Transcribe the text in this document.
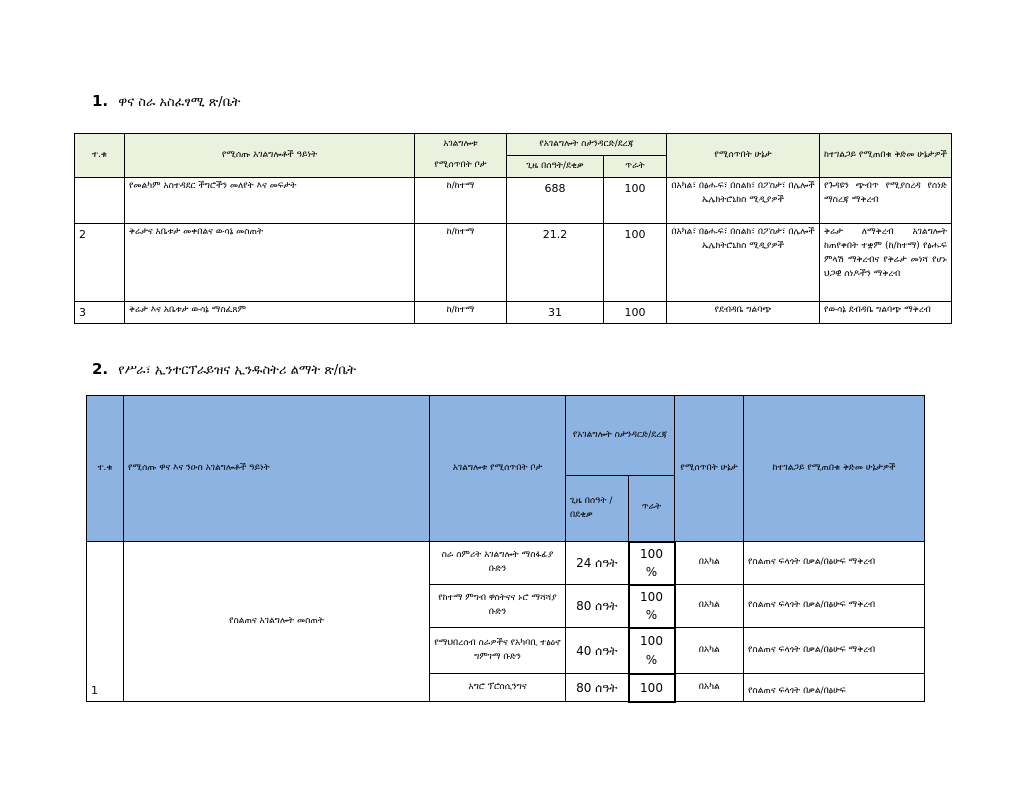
1. ዋና ስራ አስፈፃሚ ጽ/ቤት
ተ.ቁ	የሚሰጡ አገልግሎቶች ዓይነት	አገልግሎቱ	የአገልግሎት ስታንዳርድ/ደረጃ		የሚሰጥበት ሁኔታ	ከተገልጋይ የሚጠበቁ ቅድመ ሁኔታዎች
		የሚሰጥበት ቦታ	ጊዜ በሰዓት/ደቂቃ	ጥራት		
	የመልካም አስተዳደር ችግሮችን መለየት እና መፍታት	ከ/ከተማ	688	100	በአካል፣ በፅሑፍ፣ በስልክ፣ በፖስታ፣ በሌሎች ኤሌክትሮኒክስ ሚዲያዎች	የጉዳዩን ጭብጥ የሚያስረዳ የሰነድ ማስረጃ ማቅረብ
2	ቅሬታና አቤቱታ መቀበልና ውሳኔ መስጠት	ከ/ከተማ	21.2	100	በአካል፣ በፅሑፍ፣ በስልክ፣ በፖስታ፣ በሌሎች ኤሌክትሮኒክስ ሚዲያዎች	ቅሬታ ለማቅረብ አገልግሎት ከጠየቀበት ተቋም (ከ/ከተማ) የፅሑፍ ምላሽ ማቅረብና የቅሬታ መነሻ የሆኑ ህጋዊ ሰነዶችን ማቅረብ
3	ቅሬታ እና አቤቱታ ውሳኔ ማስፈጸም	ከ/ከተማ	31	100	የደብዳቤ ግልባጭ	የውሳኔ ደብዳቤ ግልባጭ ማቅረብ
2. የሥራ፣ ኢንተርፕራይዝና ኢንዱስትሪ ልማት ጽ/ቤት
ተ.ቁ	የሚሰጡ ዋና እና ንዑስ አገልግሎቶች ዓይነት	አገልግሎቱ የሚሰጥበት ቦታ	የአገልግሎት ስታንዳርድ/ደረጃ		የሚሰጥበት ሁኔታ	ከተገልጋይ የሚጠበቁ ቅድመ ሁኔታዎች
			ጊዜ በሰዓት /በደቂቃ	ጥራት		
1	የስልጠና አገልግሎት መስጠት	ስራ ስምሪት አገልግሎት ማስፋፊያ ቡድን	24 ሰዓት	100 %	በአካል	የስልጠና ፍላጎት በቃል/በፅሁፍ ማቅረብ
		የከተማ ምግብ ዋስትናና ኑሮ ማሻሻያ ቡድን	80 ሰዓት	100 %	በአካል	የስልጠና ፍላጎት በቃል/በፅሁፍ ማቅረብ
		የማህበረሰብ ስራዎችና የአካባቢ ተፅዕኖ ግምገማ ቡድን	40 ሰዓት	100 %	በአካል	የስልጠና ፍላጎት በቃል/በፅሁፍ ማቅረብ
		አግሮ ፕሮሰሲንግና	80 ሰዓት	100	በአካል	የስልጠና ፍላጎት በቃል/በፅሁፍ
